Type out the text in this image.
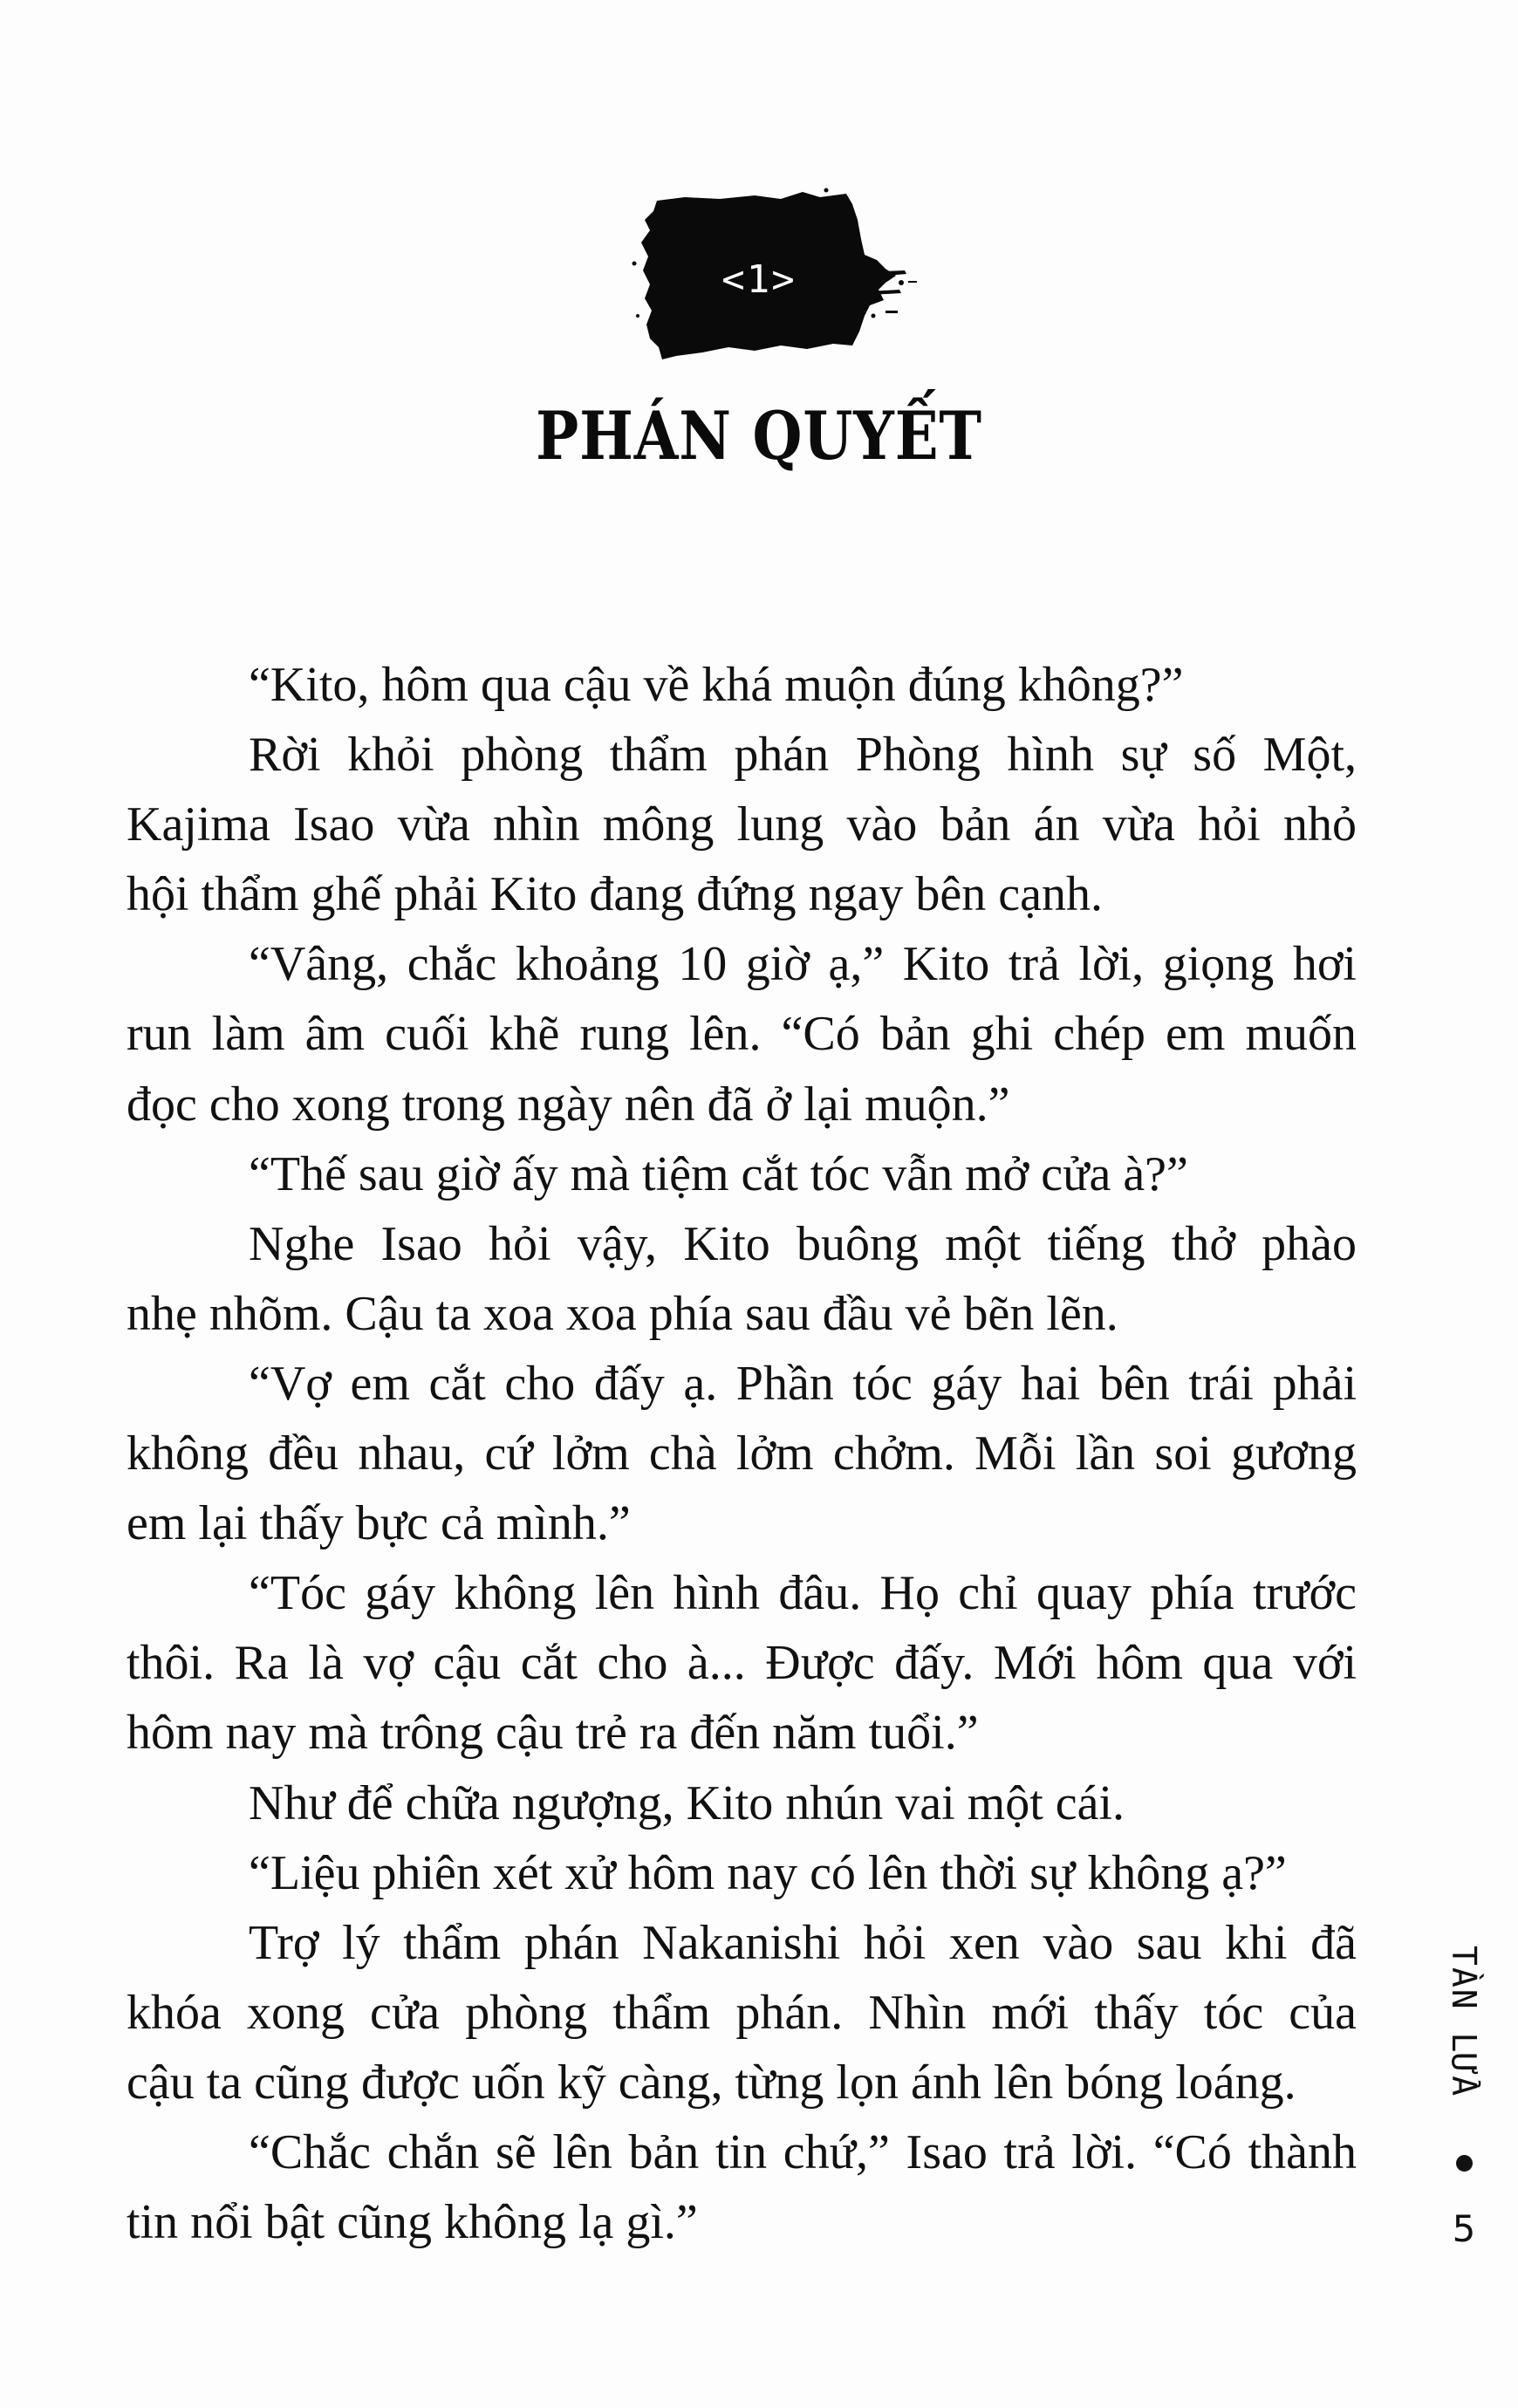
<1>
PHÁN QUYẾT
“Kito, hôm qua cậu về khá muộn đúng không?”
Rời khỏi phòng thẩm phán Phòng hình sự số Một,
Kajima Isao vừa nhìn mông lung vào bản án vừa hỏi nhỏ
hội thẩm ghế phải Kito đang đứng ngay bên cạnh.
“Vâng, chắc khoảng 10 giờ ạ,” Kito trả lời, giọng hơi
run làm âm cuối khẽ rung lên. “Có bản ghi chép em muốn
đọc cho xong trong ngày nên đã ở lại muộn.”
“Thế sau giờ ấy mà tiệm cắt tóc vẫn mở cửa à?”
Nghe Isao hỏi vậy, Kito buông một tiếng thở phào
nhẹ nhõm. Cậu ta xoa xoa phía sau đầu vẻ bẽn lẽn.
“Vợ em cắt cho đấy ạ. Phần tóc gáy hai bên trái phải
không đều nhau, cứ lởm chà lởm chởm. Mỗi lần soi gương
em lại thấy bực cả mình.”
“Tóc gáy không lên hình đâu. Họ chỉ quay phía trước
thôi. Ra là vợ cậu cắt cho à... Được đấy. Mới hôm qua với
hôm nay mà trông cậu trẻ ra đến năm tuổi.”
Như để chữa ngượng, Kito nhún vai một cái.
“Liệu phiên xét xử hôm nay có lên thời sự không ạ?”
Trợ lý thẩm phán Nakanishi hỏi xen vào sau khi đã
khóa xong cửa phòng thẩm phán. Nhìn mới thấy tóc của
cậu ta cũng được uốn kỹ càng, từng lọn ánh lên bóng loáng.
“Chắc chắn sẽ lên bản tin chứ,” Isao trả lời. “Có thành
tin nổi bật cũng không lạ gì.”
TÀN LỬA
5
